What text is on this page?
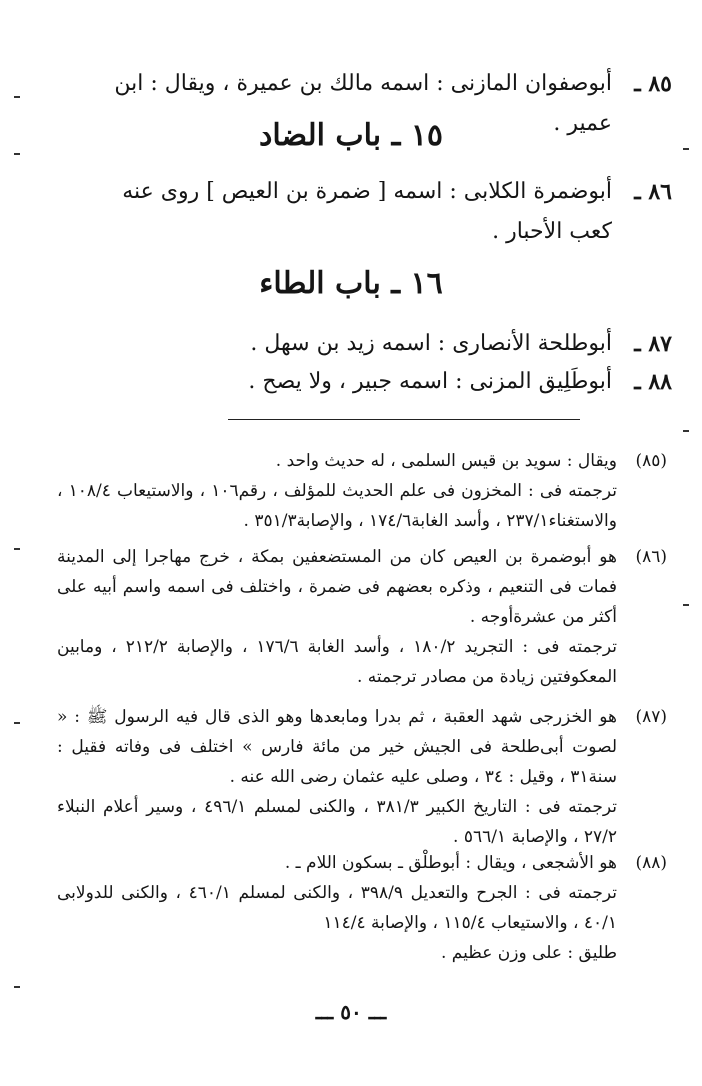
٨٥ ـ
أبوصفوان المازنى : اسمه مالك بن عميرة ، ويقال : ابن عمير .
١٥ ـ باب الضاد
٨٦ ـ
أبوضمرة الكلابى : اسمه [ ضمرة بن العيص ] روى عنه كعب الأحبار .
١٦ ـ باب الطاء
٨٧ ـ
أبوطلحة الأنصارى : اسمه زيد بن سهل .
٨٨ ـ
أبوطَلِيق المزنى : اسمه جبير ، ولا يصح .
(٨٥)

ويقال : سويد بن قيس السلمى ، له حديث واحد .

ترجمته فى : المخزون فى علم الحديث للمؤلف ، رقم١٠٦ ، والاستيعاب ١٠٨/٤ ، والاستغناء٢٣٧/١ ، وأسد الغابة١٧٤/٦ ، والإصابة٣٥١/٣ .

(٨٦)

هو أبوضمرة بن العيص كان من المستضعفين بمكة ، خرج مهاجرا إلى المدينة فمات فى التنعيم ، وذكره بعضهم فى ضمرة ، واختلف فى اسمه واسم أبيه على أكثر من عشرةأوجه .

ترجمته فى : التجريد ١٨٠/٢ ، وأسد الغابة ١٧٦/٦ ، والإصابة ٢١٢/٢ ، ومابين المعكوفتين زيادة من مصادر ترجمته .

(٨٧)

هو الخزرجى شهد العقبة ، ثم بدرا ومابعدها وهو الذى قال فيه الرسول ﷺ : « لصوت أبى‌طلحة فى الجيش خير من مائة فارس » اختلف فى وفاته فقيل : سنة٣١ ، وقيل : ٣٤ ، وصلى عليه عثمان رضى الله عنه .

ترجمته فى : التاريخ الكبير ٣٨١/٣ ، والكنى لمسلم ٤٩٦/١ ، وسير أعلام النبلاء ٢٧/٢ ، والإصابة ٥٦٦/١ .

(٨٨)

هو الأشجعى ، ويقال : أبوطلْق ـ بسكون اللام ـ .

ترجمته فى : الجرح والتعديل ٣٩٨/٩ ، والكنى لمسلم ٤٦٠/١ ، والكنى للدولابى ٤٠/١ ، والاستيعاب ١١٥/٤ ، والإصابة ١١٤/٤

طليق : على وزن عظيم .

ـــ ٥٠ ـــ
